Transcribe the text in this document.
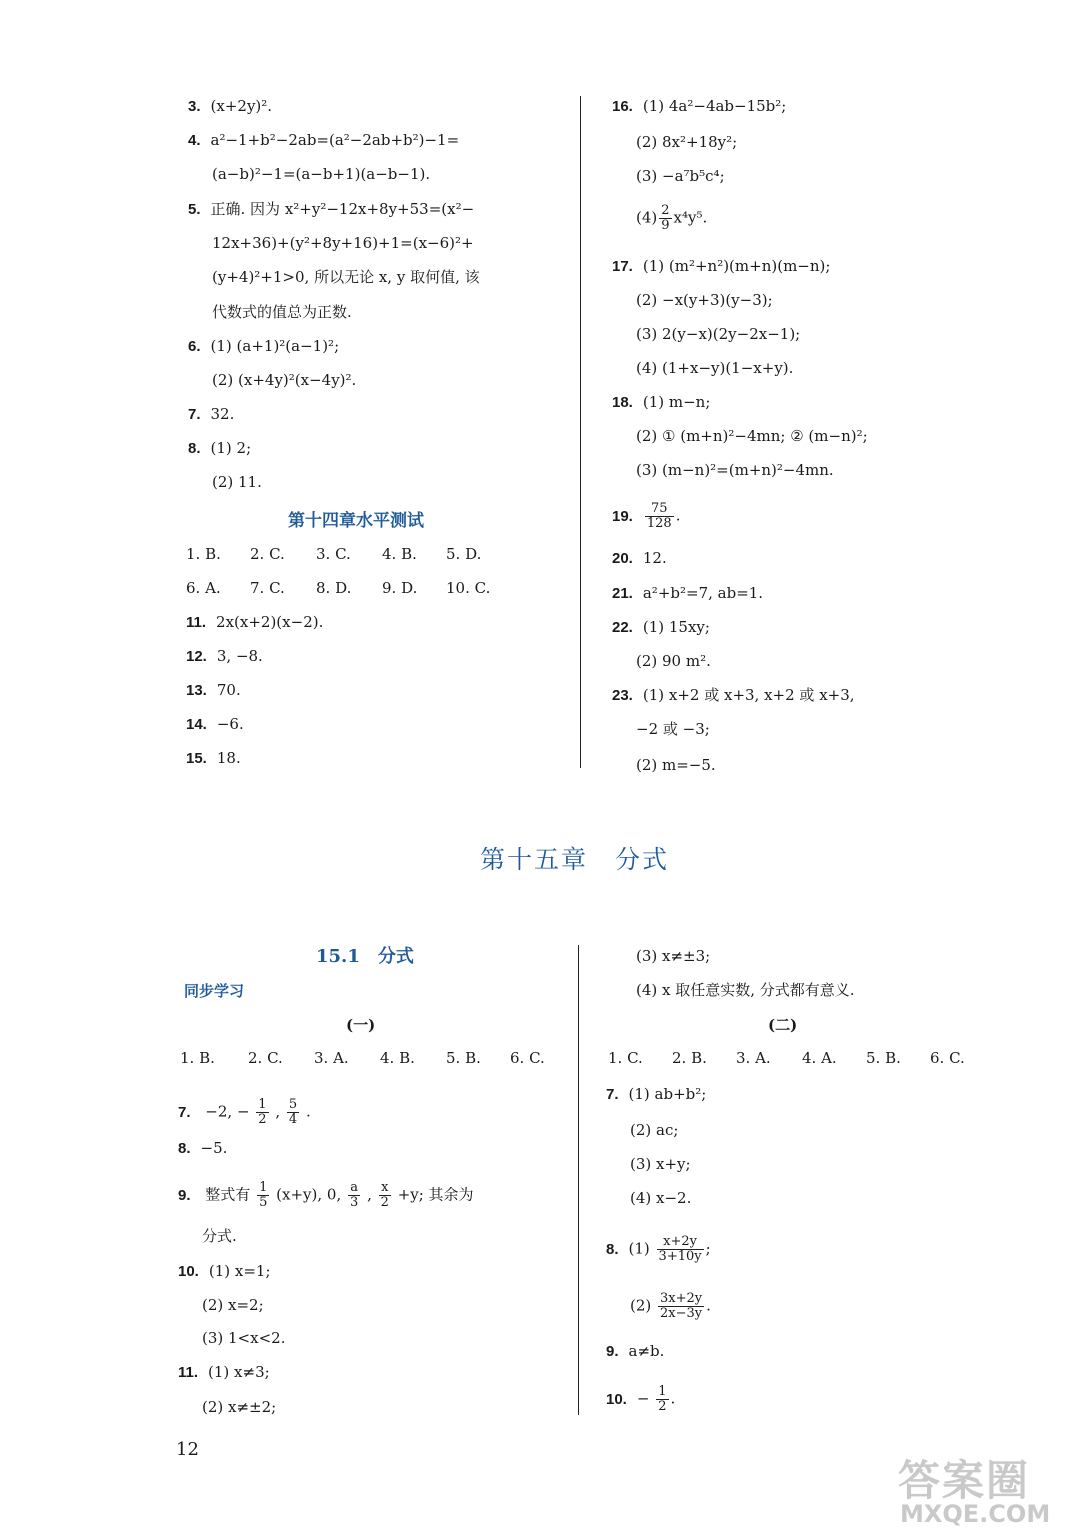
3. (x+2y)².
4. a²−1+b²−2ab=(a²−2ab+b²)−1=
(a−b)²−1=(a−b+1)(a−b−1).
5. 正确. 因为 x²+y²−12x+8y+53=(x²−
12x+36)+(y²+8y+16)+1=(x−6)²+
(y+4)²+1>0, 所以无论 x, y 取何值, 该
代数式的值总为正数.
6. (1) (a+1)²(a−1)²;
(2) (x+4y)²(x−4y)².
7. 32.
8. (1) 2;
(2) 11.
16. (1) 4a²−4ab−15b²;
(2) 8x²+18y²;
(3) −a⁷b⁵c⁴;
$(4) \frac{2}{9} x^4y^5$.
17. (1) (m²+n²)(m+n)(m−n);
(2) −x(y+3)(y−3);
(3) 2(y−x)(2y−2x−1);
(4) (1+x−y)(1−x+y).
18. (1) m−n;
(2) ① (m+n)²−4mn; ② (m−n)²;
(3) (m−n)²=(m+n)²−4mn.
19. $\frac{75}{128}$ .
20. 12.
21. a²+b²=7, ab=1.
22. (1) 15xy;
(2) 90 m².
23. (1) x+2 或 x+3, x+2 或 x+3,
−2 或 −3;
(2) m=−5.
第十四章水平测试
1. B. 2. C. 3. C. 4. B. 5. D.
6. A. 7. C. 8. D. 9. D. 10. C.
11. 2x(x+2)(x−2).
12. 3, −8.
13. 70.
14. −6.
15. 18.
第十五章　分式
15.1　分式
同步学习
(一)	(二)
1. B. 2. C. 3. A. 4. B. 5. B. 6. C.
7. −2, − $\frac{1}{2}$ , $\frac{5}{4}$ .
8. −5.
9. 整式有 $\frac{1}{5} (x+y)$, 0, $\frac{a}{3}$ , $\frac{x}{2} +y$; 其余为
分式.
10. (1) x=1;
(2) x=2;
(3) 1<x<2.
11. (1) x≠3;
(2) x≠±2;
(3) x≠±3;
(4) x 取任意实数, 分式都有意义.
1. C. 2. B. 3. A. 4. A. 5. B. 6. C.
7. (1) ab+b²;
(2) ac;
(3) x+y;
(4) x−2.
8. $(1) \frac{x+2y}{3+10y}$ ;
$(2) \frac{3x+2y}{2x-3y}$ .
9. a≠b.
10. − $\frac{1}{2}$ .
12
答案圈
MXQE.COM
